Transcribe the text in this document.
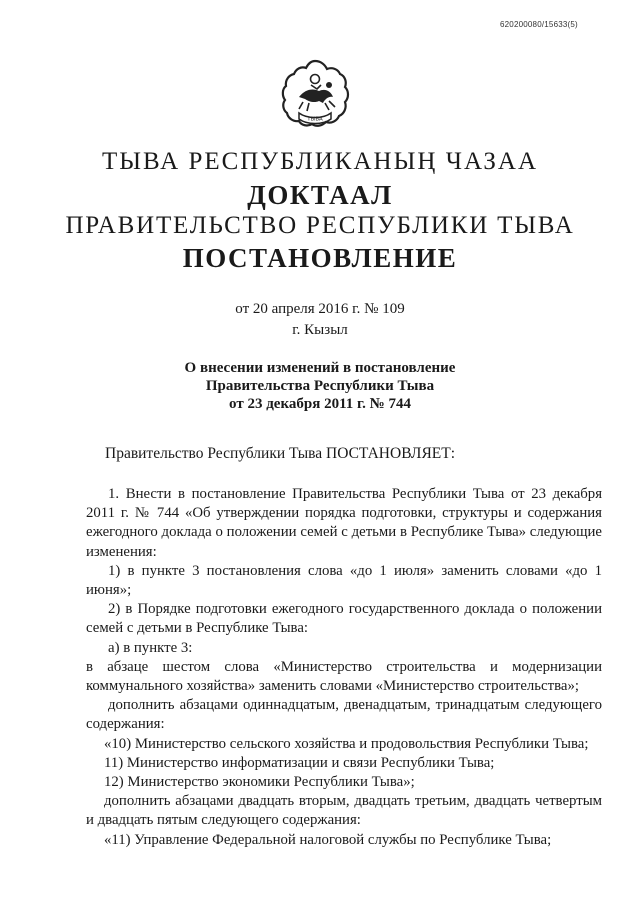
620200080/15633(5)
ТЫВА
ТЫВА РЕСПУБЛИКАНЫҢ ЧАЗАА
ДОКТААЛ
ПРАВИТЕЛЬСТВО РЕСПУБЛИКИ ТЫВА
ПОСТАНОВЛЕНИЕ
от 20 апреля 2016 г. № 109
г. Кызыл
О внесении изменений в постановление
Правительства Республики Тыва
от 23 декабря 2011 г. № 744
Правительство Республики Тыва ПОСТАНОВЛЯЕТ:

1. Внести в постановление Правительства Республики Тыва от 23 декабря 2011 г. № 744 «Об утверждении порядка подготовки, структуры и содержания ежегодного доклада о положении семей с детьми в Республике Тыва» следующие изменения:

1) в пункте 3 постановления слова «до 1 июля» заменить словами «до 1 июня»;

2) в Порядке подготовки ежегодного государственного доклада о положении семей с детьми в Республике Тыва:

а) в пункте 3:

в абзаце шестом слова «Министерство строительства и модернизации коммунального хозяйства» заменить словами «Министерство строительства»;

дополнить абзацами одиннадцатым, двенадцатым, тринадцатым следующего содержания:

«10) Министерство сельского хозяйства и продовольствия Республики Тыва;

11) Министерство информатизации и связи Республики Тыва;

12) Министерство экономики Республики Тыва»;

дополнить абзацами двадцать вторым, двадцать третьим, двадцать четвертым и двадцать пятым следующего содержания:

«11) Управление Федеральной налоговой службы по Республике Тыва;
